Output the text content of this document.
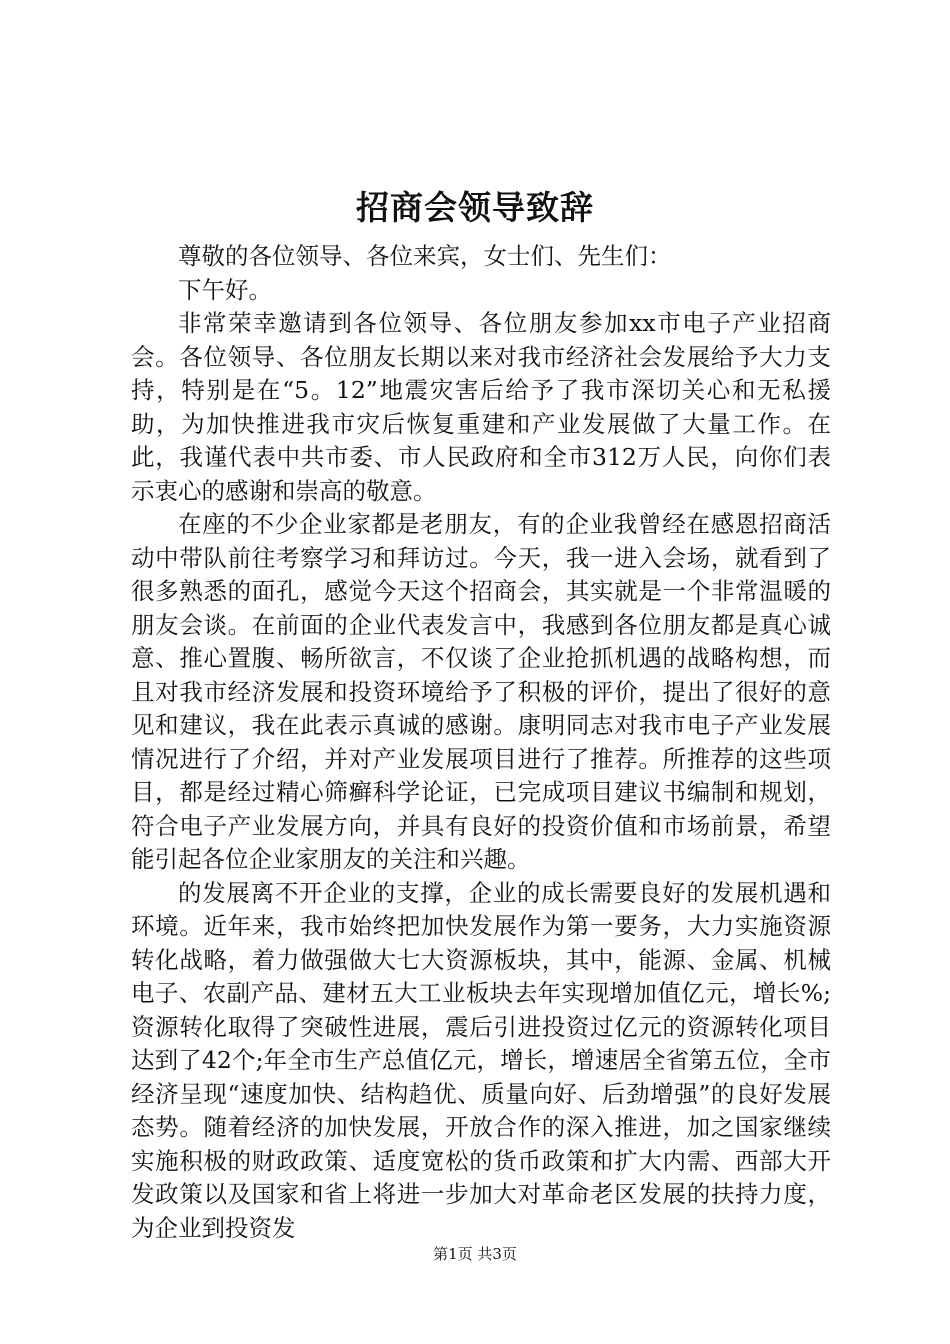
招商会领导致辞

尊敬的各位领导、各位来宾，女士们、先生们：

下午好。

非常荣幸邀请到各位领导、各位朋友参加xx市电子产业招商会。各位领导、各位朋友长期以来对我市经济社会发展给予大力支持，特别是在“5。12”地震灾害后给予了我市深切关心和无私援助，为加快推进我市灾后恢复重建和产业发展做了大量工作。在此，我谨代表中共市委、市人民政府和全市312万人民，向你们表示衷心的感谢和崇高的敬意。

在座的不少企业家都是老朋友，有的企业我曾经在感恩招商活动中带队前往考察学习和拜访过。今天，我一进入会场，就看到了很多熟悉的面孔，感觉今天这个招商会，其实就是一个非常温暖的朋友会谈。在前面的企业代表发言中，我感到各位朋友都是真心诚意、推心置腹、畅所欲言，不仅谈了企业抢抓机遇的战略构想，而且对我市经济发展和投资环境给予了积极的评价，提出了很好的意见和建议，我在此表示真诚的感谢。康明同志对我市电子产业发展情况进行了介绍，并对产业发展项目进行了推荐。所推荐的这些项目，都是经过精心筛癣科学论证，已完成项目建议书编制和规划，符合电子产业发展方向，并具有良好的投资价值和市场前景，希望能引起各位企业家朋友的关注和兴趣。

的发展离不开企业的支撑，企业的成长需要良好的发展机遇和环境。近年来，我市始终把加快发展作为第一要务，大力实施资源转化战略，着力做强做大七大资源板块，其中，能源、金属、机械电子、农副产品、建材五大工业板块去年实现增加值亿元，增长%;资源转化取得了突破性进展，震后引进投资过亿元的资源转化项目达到了42个;年全市生产总值亿元，增长，增速居全省第五位，全市经济呈现“速度加快、结构趋优、质量向好、后劲增强”的良好发展态势。随着经济的加快发展，开放合作的深入推进，加之国家继续实施积极的财政政策、适度宽松的货币政策和扩大内需、西部大开发政策以及国家和省上将进一步加大对革命老区发展的扶持力度，为企业到投资发

第1页 共3页
